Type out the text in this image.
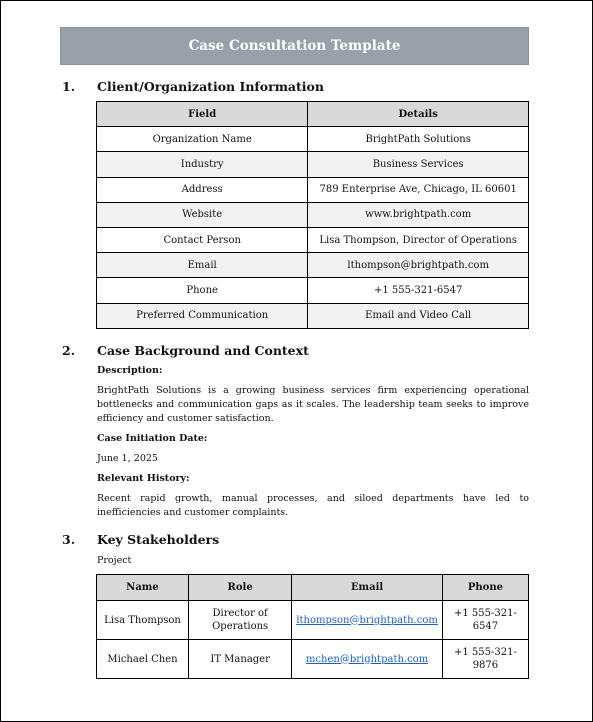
Case Consultation Template
1. Client/Organization Information
Field	Details
Organization Name	BrightPath Solutions
Industry	Business Services
Address	789 Enterprise Ave, Chicago, IL 60601
Website	www.brightpath.com
Contact Person	Lisa Thompson, Director of Operations
Email	lthompson@brightpath.com
Phone	+1 555-321-6547
Preferred Communication	Email and Video Call
2. Case Background and Context
Description:
BrightPath Solutions is a growing business services firm experiencing operational bottlenecks and communication gaps as it scales. The leadership team seeks to improve efficiency and customer satisfaction.
Case Initiation Date:
June 1, 2025
Relevant History:
Recent rapid growth, manual processes, and siloed departments have led to inefficiencies and customer complaints.
3. Key Stakeholders
Project
Name	Role	Email	Phone
Lisa Thompson	Director of Operations	lthompson@brightpath.com	+1 555-321-6547
Michael Chen	IT Manager	mchen@brightpath.com	+1 555-321-9876
